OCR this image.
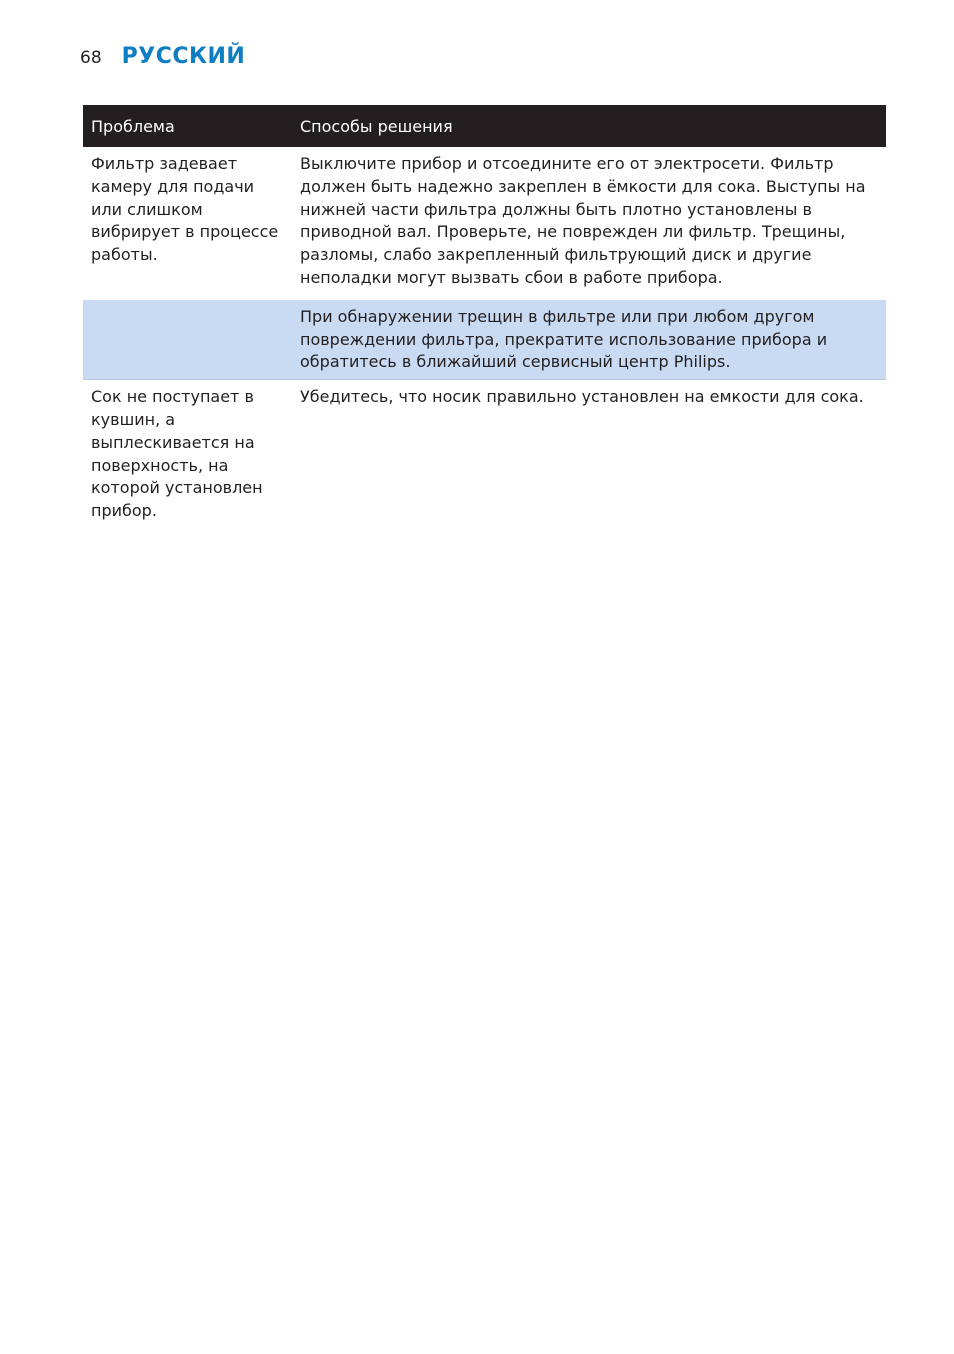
68 РУССКИЙ
Проблема	Способы решения
Фильтр задевает камеру для подачи или слишком вибрирует в процессе работы.	Выключите прибор и отсоедините его от электросети. Фильтр должен быть надежно закреплен в ёмкости для сока. Выступы на нижней части фильтра должны быть плотно установлены в приводной вал. Проверьте, не поврежден ли фильтр. Трещины, разломы, слабо закрепленный фильтрующий диск и другие неполадки могут вызвать сбои в работе прибора.
	При обнаружении трещин в фильтре или при любом другом повреждении фильтра, прекратите использование прибора и обратитесь в ближайший сервисный центр Philips.
Сок не поступает в кувшин, а выплескивается на поверхность, на которой установлен прибор.	Убедитесь, что носик правильно установлен на емкости для сока.
